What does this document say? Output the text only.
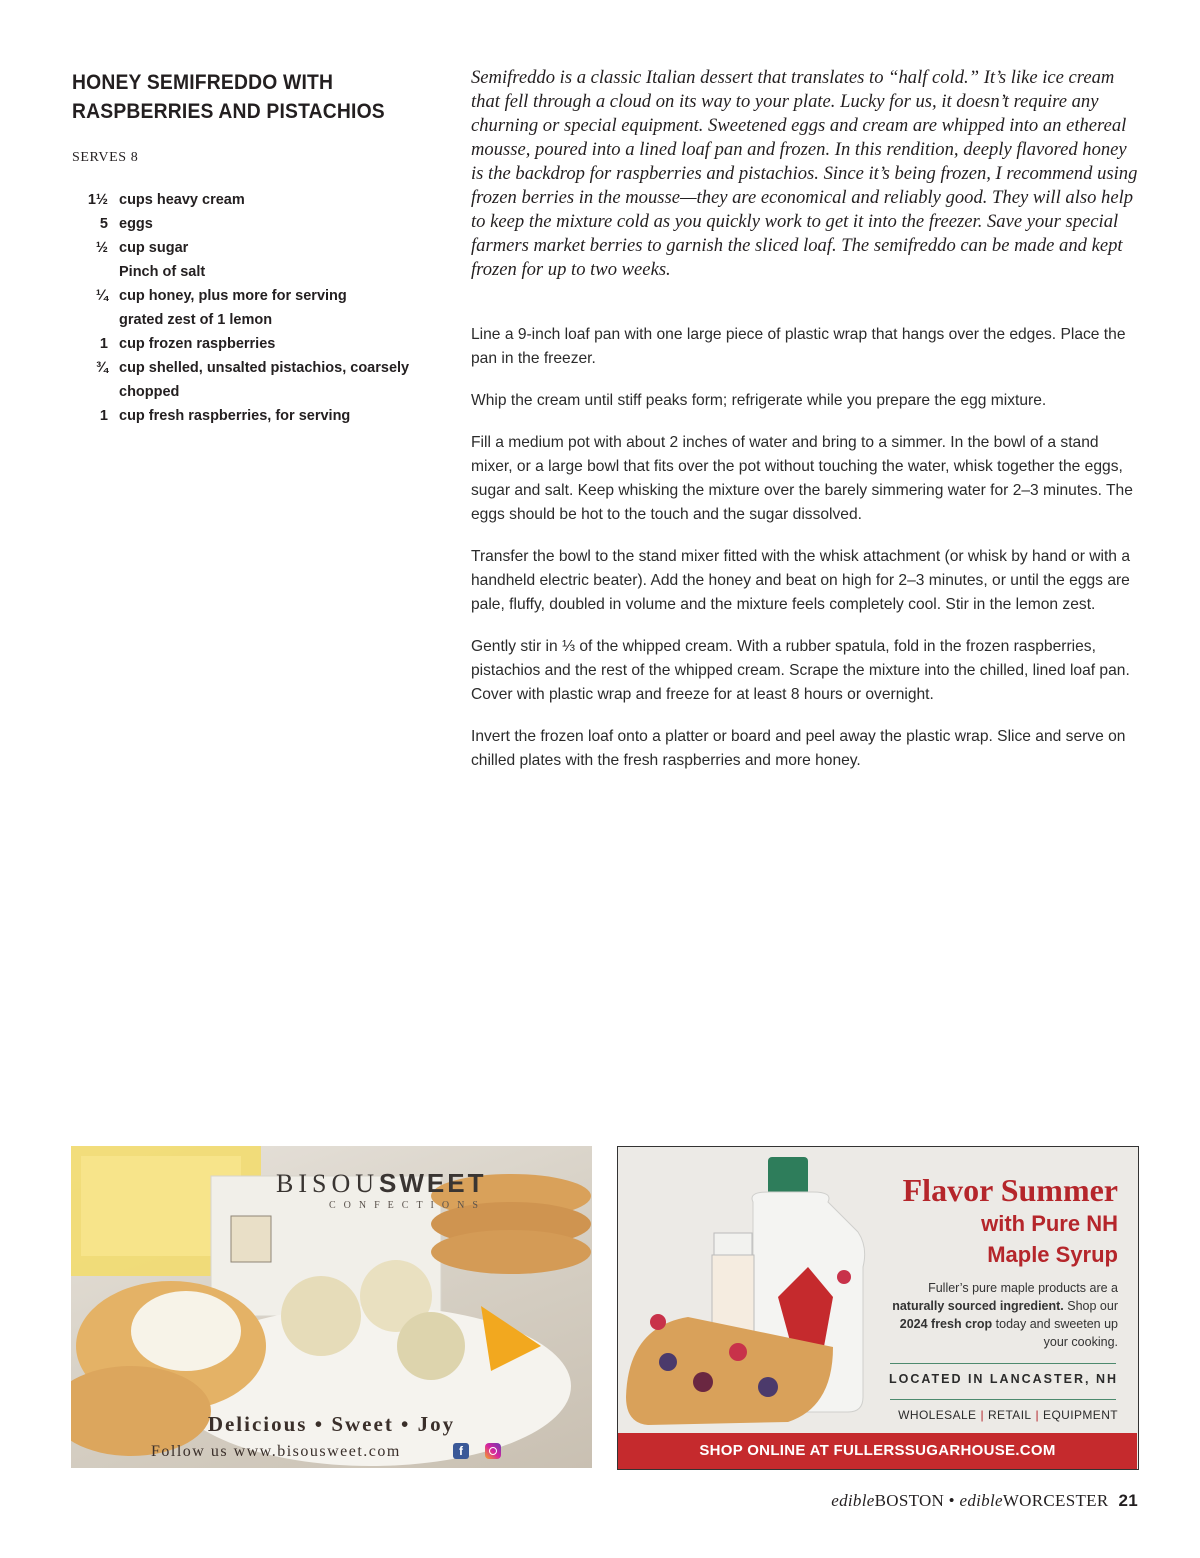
HONEY SEMIFREDDO WITH
RASPBERRIES AND PISTACHIOS
SERVES 8
1½ cups heavy cream
5 eggs
½ cup sugar
Pinch of salt
¼ cup honey, plus more for serving
grated zest of 1 lemon
1 cup frozen raspberries
¾ cup shelled, unsalted pistachios, coarsely chopped
1 cup fresh raspberries, for serving

Semifreddo is a classic Italian dessert that translates to “half cold.” It’s like ice cream that fell through a cloud on its way to your plate. Lucky for us, it doesn’t require any churning or special equipment. Sweetened eggs and cream are whipped into an ethereal mousse, poured into a lined loaf pan and frozen. In this rendition, deeply flavored honey is the backdrop for raspberries and pistachios. Since it’s being frozen, I recommend using frozen berries in the mousse—they are economical and reliably good. They will also help to keep the mixture cold as you quickly work to get it into the freezer. Save your special farmers market berries to garnish the sliced loaf. The semifreddo can be made and kept frozen for up to two weeks.

Line a 9-inch loaf pan with one large piece of plastic wrap that hangs over the edges. Place the pan in the freezer.

Whip the cream until stiff peaks form; refrigerate while you prepare the egg mixture.

Fill a medium pot with about 2 inches of water and bring to a simmer. In the bowl of a stand mixer, or a large bowl that fits over the pot without touching the water, whisk together the eggs, sugar and salt. Keep whisking the mixture over the barely simmering water for 2–3 minutes. The eggs should be hot to the touch and the sugar dissolved.

Transfer the bowl to the stand mixer fitted with the whisk attachment (or whisk by hand or with a handheld electric beater). Add the honey and beat on high for 2–3 minutes, or until the eggs are pale, fluffy, doubled in volume and the mixture feels completely cool. Stir in the lemon zest.

Gently stir in ⅓ of the whipped cream. With a rubber spatula, fold in the frozen raspberries, pistachios and the rest of the whipped cream. Scrape the mixture into the chilled, lined loaf pan. Cover with plastic wrap and freeze for at least 8 hours or overnight.

Invert the frozen loaf onto a platter or board and peel away the plastic wrap. Slice and serve on chilled plates with the fresh raspberries and more honey.

BISOUSWEET
CONFECTIONS
Delicious • Sweet • Joy
Follow us www.bisousweet.com	f
Flavor Summer
with Pure NH
Maple Syrup
Fuller’s pure maple products are a naturally sourced ingredient. Shop our 2024 fresh crop today and sweeten up your cooking.
LOCATED IN LANCASTER, NH
WHOLESALE | RETAIL | EQUIPMENT
SHOP ONLINE AT FULLERSSUGARHOUSE.COM
edibleBOSTON • edibleWORCESTER 21
